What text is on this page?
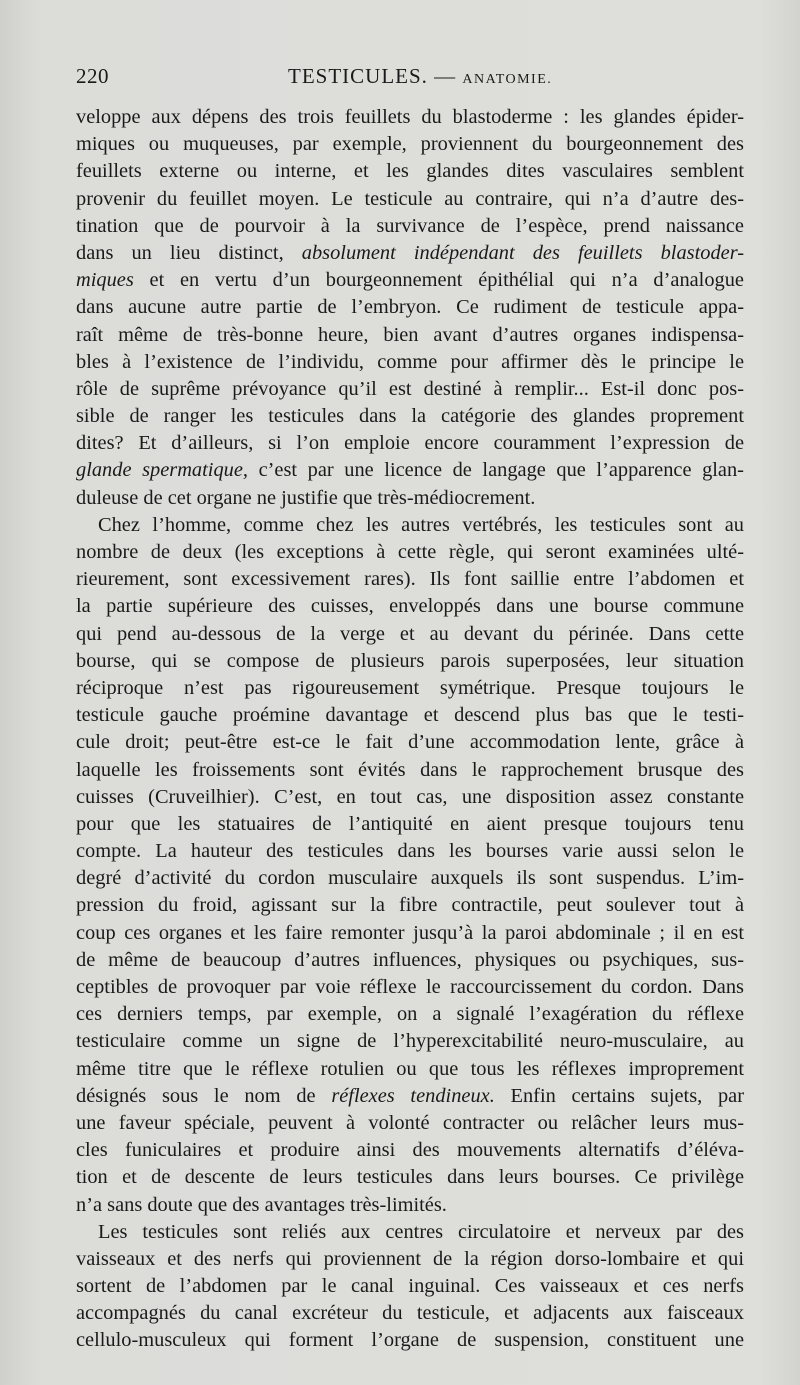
220	TESTICULES. — ANATOMIE.
veloppe aux dépens des trois feuillets du blastoderme : les glandes épider-
miques ou muqueuses, par exemple, proviennent du bourgeonnement des
feuillets externe ou interne, et les glandes dites vasculaires semblent
provenir du feuillet moyen. Le testicule au contraire, qui n’a d’autre des-
tination que de pourvoir à la survivance de l’espèce, prend naissance
dans un lieu distinct, absolument indépendant des feuillets blastoder-
miques et en vertu d’un bourgeonnement épithélial qui n’a d’analogue
dans aucune autre partie de l’embryon. Ce rudiment de testicule appa-
raît même de très-bonne heure, bien avant d’autres organes indispensa-
bles à l’existence de l’individu, comme pour affirmer dès le principe le
rôle de suprême prévoyance qu’il est destiné à remplir... Est-il donc pos-
sible de ranger les testicules dans la catégorie des glandes proprement
dites? Et d’ailleurs, si l’on emploie encore couramment l’expression de
glande spermatique, c’est par une licence de langage que l’apparence glan-
duleuse de cet organe ne justifie que très-médiocrement.
Chez l’homme, comme chez les autres vertébrés, les testicules sont au
nombre de deux (les exceptions à cette règle, qui seront examinées ulté-
rieurement, sont excessivement rares). Ils font saillie entre l’abdomen et
la partie supérieure des cuisses, enveloppés dans une bourse commune
qui pend au-dessous de la verge et au devant du périnée. Dans cette
bourse, qui se compose de plusieurs parois superposées, leur situation
réciproque n’est pas rigoureusement symétrique. Presque toujours le
testicule gauche proémine davantage et descend plus bas que le testi-
cule droit; peut-être est-ce le fait d’une accommodation lente, grâce à
laquelle les froissements sont évités dans le rapprochement brusque des
cuisses (Cruveilhier). C’est, en tout cas, une disposition assez constante
pour que les statuaires de l’antiquité en aient presque toujours tenu
compte. La hauteur des testicules dans les bourses varie aussi selon le
degré d’activité du cordon musculaire auxquels ils sont suspendus. L’im-
pression du froid, agissant sur la fibre contractile, peut soulever tout à
coup ces organes et les faire remonter jusqu’à la paroi abdominale ; il en est
de même de beaucoup d’autres influences, physiques ou psychiques, sus-
ceptibles de provoquer par voie réflexe le raccourcissement du cordon. Dans
ces derniers temps, par exemple, on a signalé l’exagération du réflexe
testiculaire comme un signe de l’hyperexcitabilité neuro-musculaire, au
même titre que le réflexe rotulien ou que tous les réflexes improprement
désignés sous le nom de réflexes tendineux. Enfin certains sujets, par
une faveur spéciale, peuvent à volonté contracter ou relâcher leurs mus-
cles funiculaires et produire ainsi des mouvements alternatifs d’éléva-
tion et de descente de leurs testicules dans leurs bourses. Ce privilège
n’a sans doute que des avantages très-limités.
Les testicules sont reliés aux centres circulatoire et nerveux par des
vaisseaux et des nerfs qui proviennent de la région dorso-lombaire et qui
sortent de l’abdomen par le canal inguinal. Ces vaisseaux et ces nerfs
accompagnés du canal excréteur du testicule, et adjacents aux faisceaux
cellulo-musculeux qui forment l’organe de suspension, constituent une
